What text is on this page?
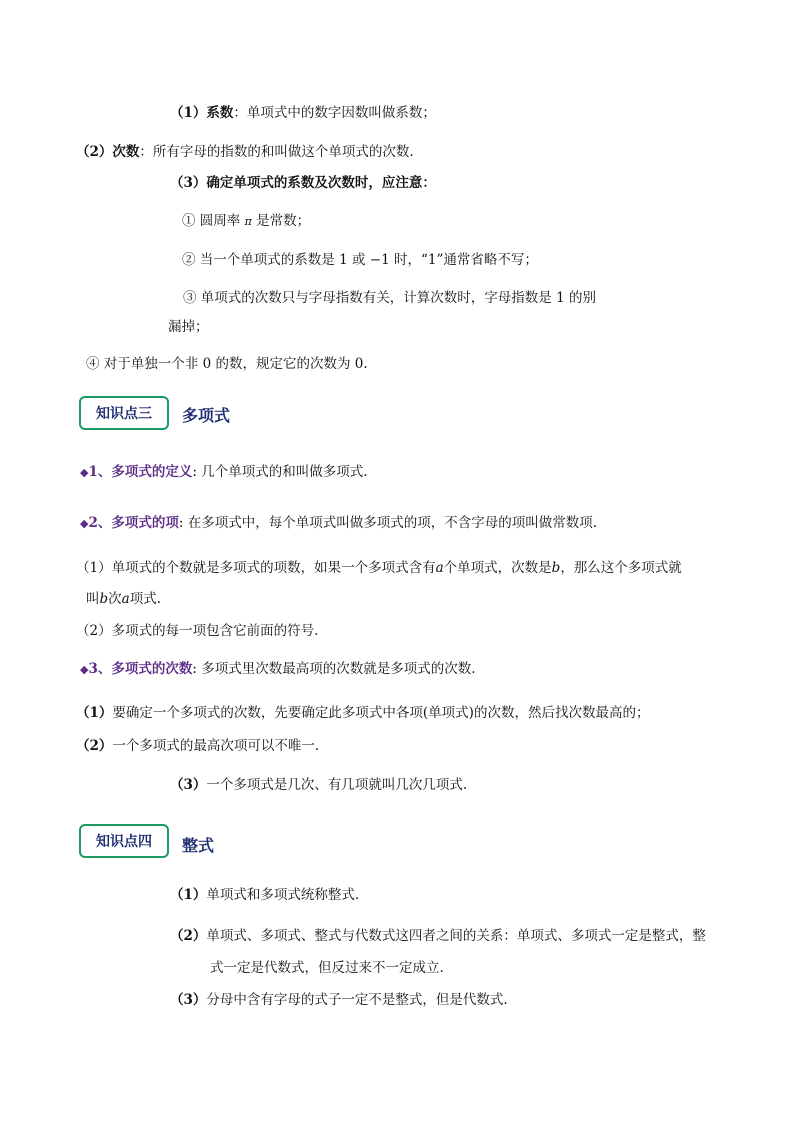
（1）系数：单项式中的数字因数叫做系数；
（2）次数：所有字母的指数的和叫做这个单项式的次数.
（3）确定单项式的系数及次数时，应注意：
① 圆周率 π 是常数；
② 当一个单项式的系数是 1 或 −1 时，“1”通常省略不写；
③ 单项式的次数只与字母指数有关，计算次数时，字母指数是 1 的别
漏掉；
④ 对于单独一个非 0 的数，规定它的次数为 0.
知识点三	多项式
◆1、多项式的定义: 几个单项式的和叫做多项式.
◆2、多项式的项: 在多项式中，每个单项式叫做多项式的项，不含字母的项叫做常数项.
（1）单项式的个数就是多项式的项数，如果一个多项式含有a个单项式，次数是b，那么这个多项式就
叫b次a项式.
（2）多项式的每一项包含它前面的符号.
◆3、多项式的次数: 多项式里次数最高项的次数就是多项式的次数.
（1）要确定一个多项式的次数，先要确定此多项式中各项(单项式)的次数，然后找次数最高的；
（2）一个多项式的最高次项可以不唯一.
（3）一个多项式是几次、有几项就叫几次几项式.
知识点四	整式
（1）单项式和多项式统称整式.
（2）单项式、多项式、整式与代数式这四者之间的关系：单项式、多项式一定是整式，整
式一定是代数式，但反过来不一定成立.
（3）分母中含有字母的式子一定不是整式，但是代数式.
